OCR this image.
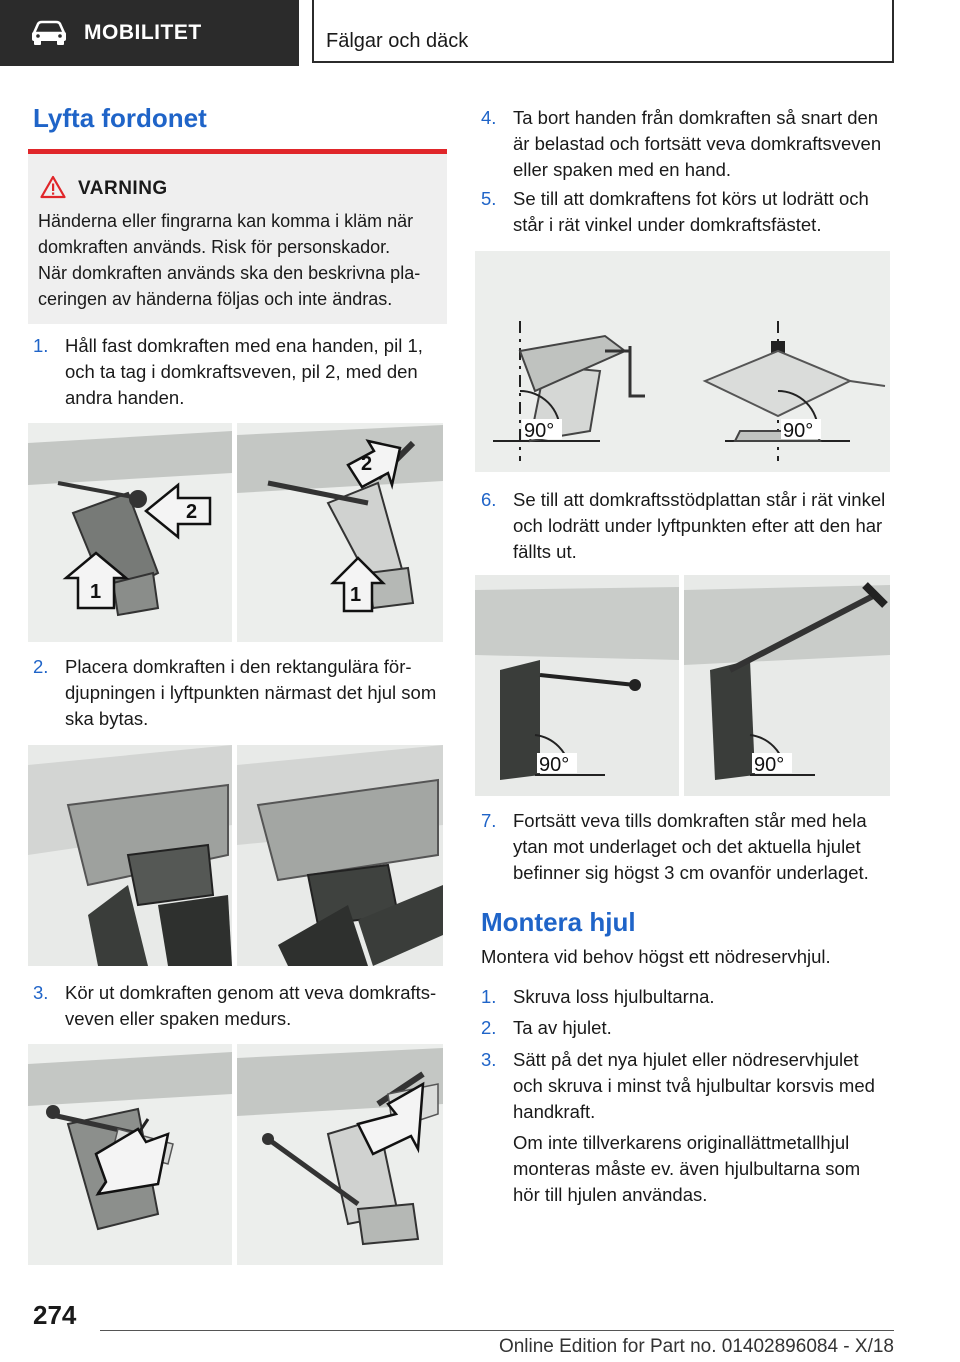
MOBILITET	Fälgar och däck
Lyfta fordonet
VARNING
Händerna eller fingrarna kan komma i kläm när
domkraften används. Risk för personskador.
När domkraften används ska den beskrivna pla-
ceringen av händerna följas och inte ändras.
1. Håll fast domkraften med ena handen, pil 1,
och ta tag i domkraftsveven, pil 2, med den
andra handen.
2
1
2
1
2. Placera domkraften i den rektangulära för-
djupningen i lyftpunkten närmast det hjul som
ska bytas.
3. Kör ut domkraften genom att veva domkrafts-
veven eller spaken medurs.
4. Ta bort handen från domkraften så snart den
är belastad och fortsätt veva domkraftsveven
eller spaken med en hand.
5. Se till att domkraftens fot körs ut lodrätt och
står i rät vinkel under domkraftsfästet.
90°	90°
6. Se till att domkraftsstödplattan står i rät vinkel
och lodrätt under lyftpunkten efter att den har
fällts ut.
90°	90°
7. Fortsätt veva tills domkraften står med hela
ytan mot underlaget och det aktuella hjulet
befinner sig högst 3 cm ovanför underlaget.
Montera hjul
Montera vid behov högst ett nödreservhjul.
1. Skruva loss hjulbultarna.
2. Ta av hjulet.
3. Sätt på det nya hjulet eller nödreservhjulet
och skruva i minst två hjulbultar korsvis med
handkraft.
Om inte tillverkarens originallättmetallhjul
monteras måste ev. även hjulbultarna som
hör till hjulen användas.
274
Online Edition for Part no. 01402896084 - X/18
